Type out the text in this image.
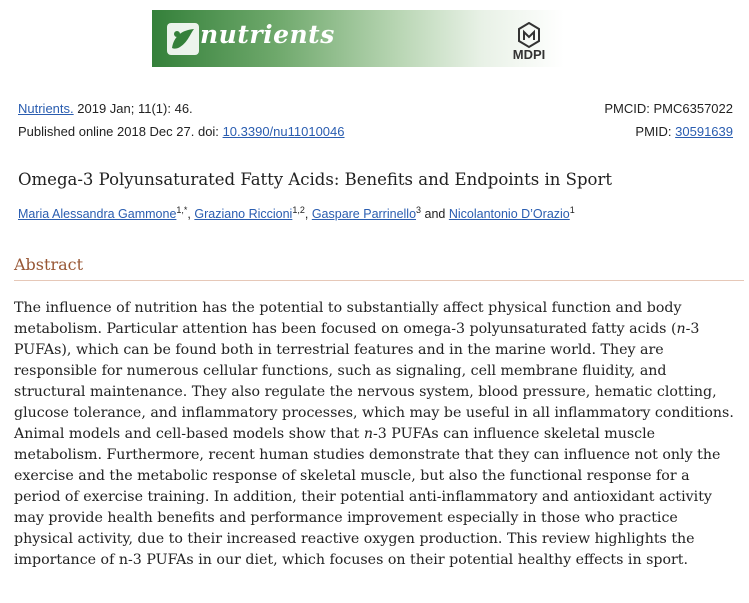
nutrients
MDPI
Nutrients. 2019 Jan; 11(1): 46.	PMCID: PMC6357022
Published online 2018 Dec 27. doi: 10.3390/nu11010046	PMID: 30591639
Omega-3 Polyunsaturated Fatty Acids: Benefits and Endpoints in Sport
Maria Alessandra Gammone$^{1,*}$, Graziano Riccioni$^{1,2}$, Gaspare Parrinello$^3$ and Nicolantonio D’Orazio$^1$
Abstract

The influence of nutrition has the potential to substantially affect physical function and body metabolism. Particular attention has been focused on omega-3 polyunsaturated fatty acids (n-3 PUFAs), which can be found both in terrestrial features and in the marine world. They are responsible for numerous cellular functions, such as signaling, cell membrane fluidity, and structural maintenance. They also regulate the nervous system, blood pressure, hematic clotting, glucose tolerance, and inflammatory processes, which may be useful in all inflammatory conditions. Animal models and cell-based models show that n-3 PUFAs can influence skeletal muscle metabolism. Furthermore, recent human studies demonstrate that they can influence not only the exercise and the metabolic response of skeletal muscle, but also the functional response for a period of exercise training. In addition, their potential anti-inflammatory and antioxidant activity may provide health benefits and performance improvement especially in those who practice physical activity, due to their increased reactive oxygen production. This review highlights the importance of n-3 PUFAs in our diet, which focuses on their potential healthy effects in sport.
